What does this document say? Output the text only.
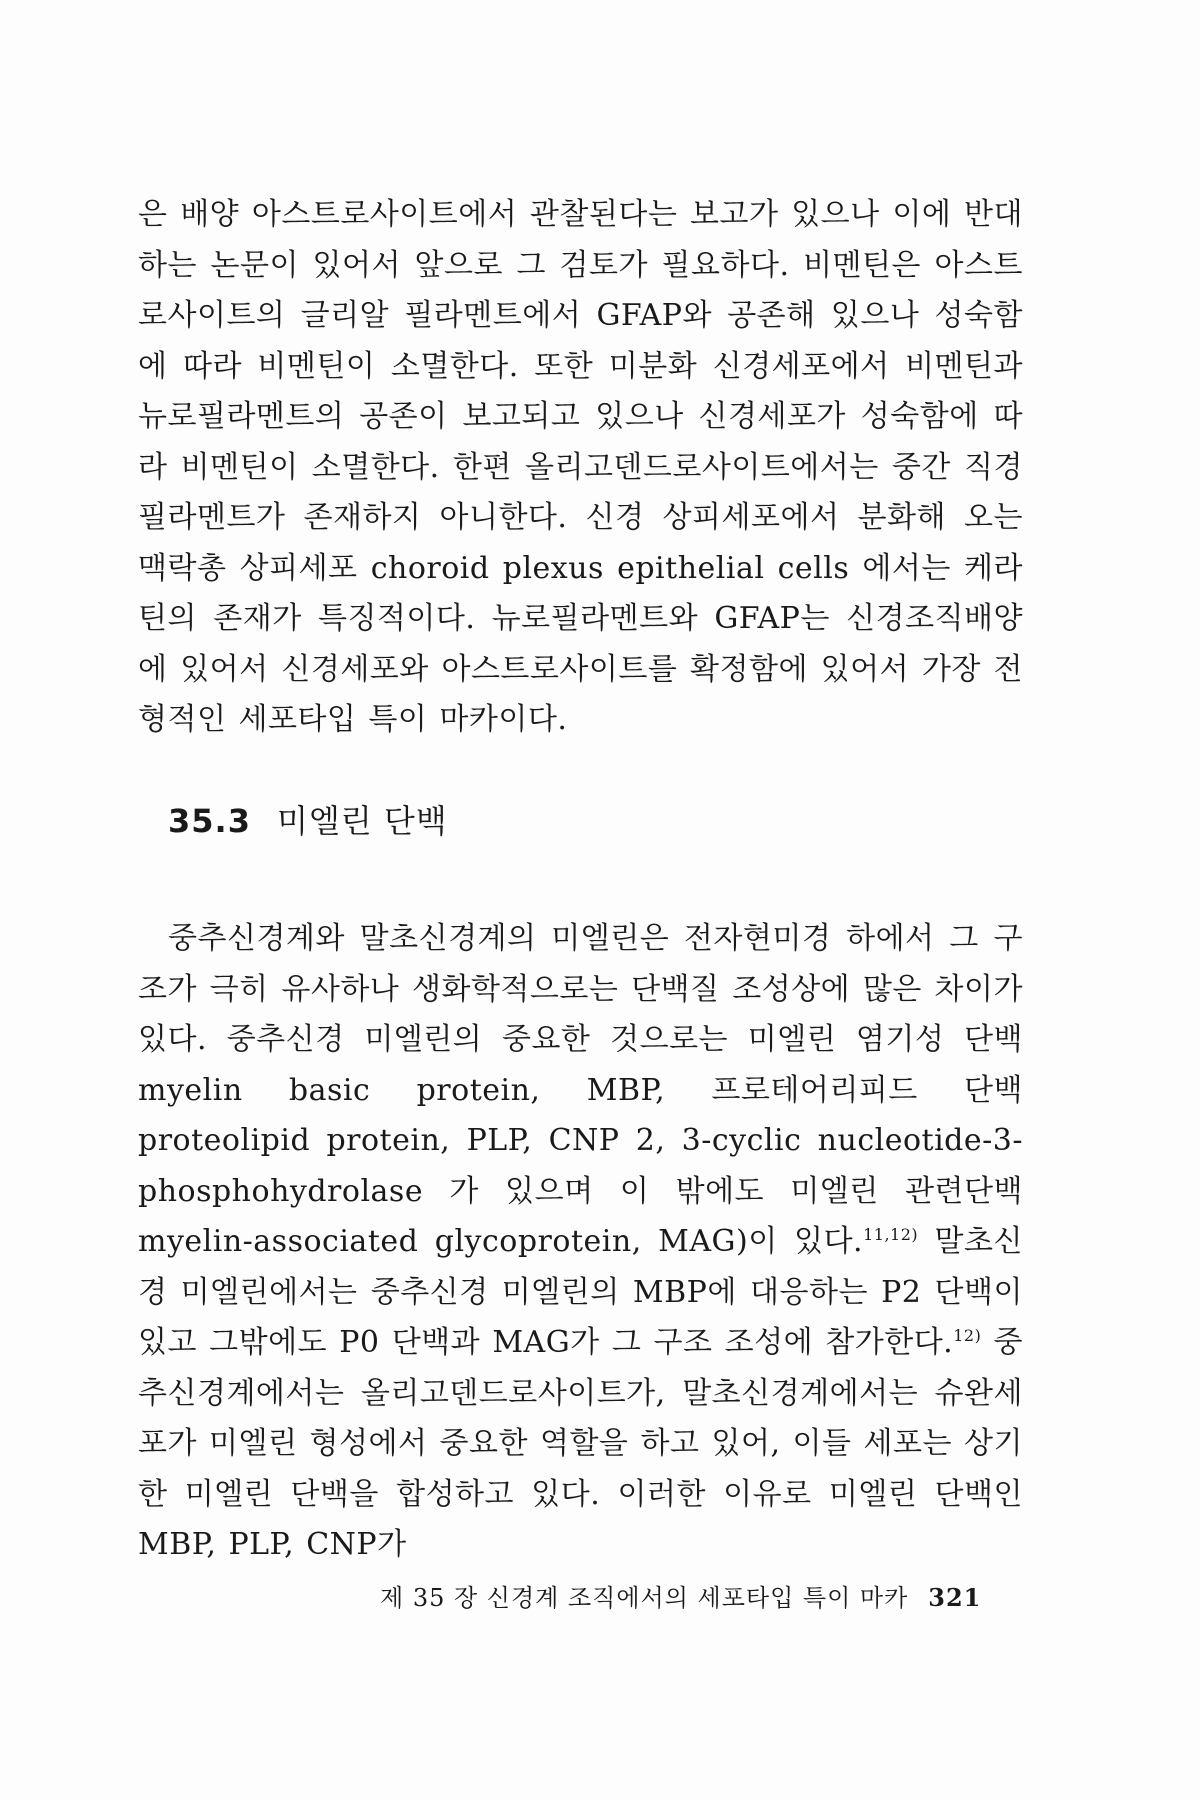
은 배양 아스트로사이트에서 관찰된다는 보고가 있으나 이에 반대하는 논문이 있어서 앞으로 그 검토가 필요하다. 비멘틴은 아스트로사이트의 글리알 필라멘트에서 GFAP와 공존해 있으나 성숙함에 따라 비멘틴이 소멸한다. 또한 미분화 신경세포에서 비멘틴과 뉴로필라멘트의 공존이 보고되고 있으나 신경세포가 성숙함에 따라 비멘틴이 소멸한다. 한편 올리고덴드로사이트에서는 중간 직경 필라멘트가 존재하지 아니한다. 신경 상피세포에서 분화해 오는 맥락총 상피세포 choroid plexus epithelial cells 에서는 케라틴의 존재가 특징적이다. 뉴로필라멘트와 GFAP는 신경조직배양에 있어서 신경세포와 아스트로사이트를 확정함에 있어서 가장 전형적인 세포타입 특이 마카이다.

35.3 미엘린 단백

중추신경계와 말초신경계의 미엘린은 전자현미경 하에서 그 구조가 극히 유사하나 생화학적으로는 단백질 조성상에 많은 차이가 있다. 중추신경 미엘린의 중요한 것으로는 미엘린 염기성 단백 myelin basic protein, MBP, 프로테어리피드 단백 proteolipid protein, PLP, CNP 2, 3-cyclic nucleotide-3-phosphohydrolase 가 있으며 이 밖에도 미엘린 관련단백 myelin-associated glycoprotein, MAG)이 있다.$^{11,12)}$ 말초신경 미엘린에서는 중추신경 미엘린의 MBP에 대응하는 P2 단백이 있고 그밖에도 P0 단백과 MAG가 그 구조 조성에 참가한다.$^{12)}$ 중추신경계에서는 올리고덴드로사이트가, 말초신경계에서는 슈완세포가 미엘린 형성에서 중요한 역할을 하고 있어, 이들 세포는 상기한 미엘린 단백을 합성하고 있다. 이러한 이유로 미엘린 단백인 MBP, PLP, CNP가

제 35 장 신경계 조직에서의 세포타입 특이 마카 321
